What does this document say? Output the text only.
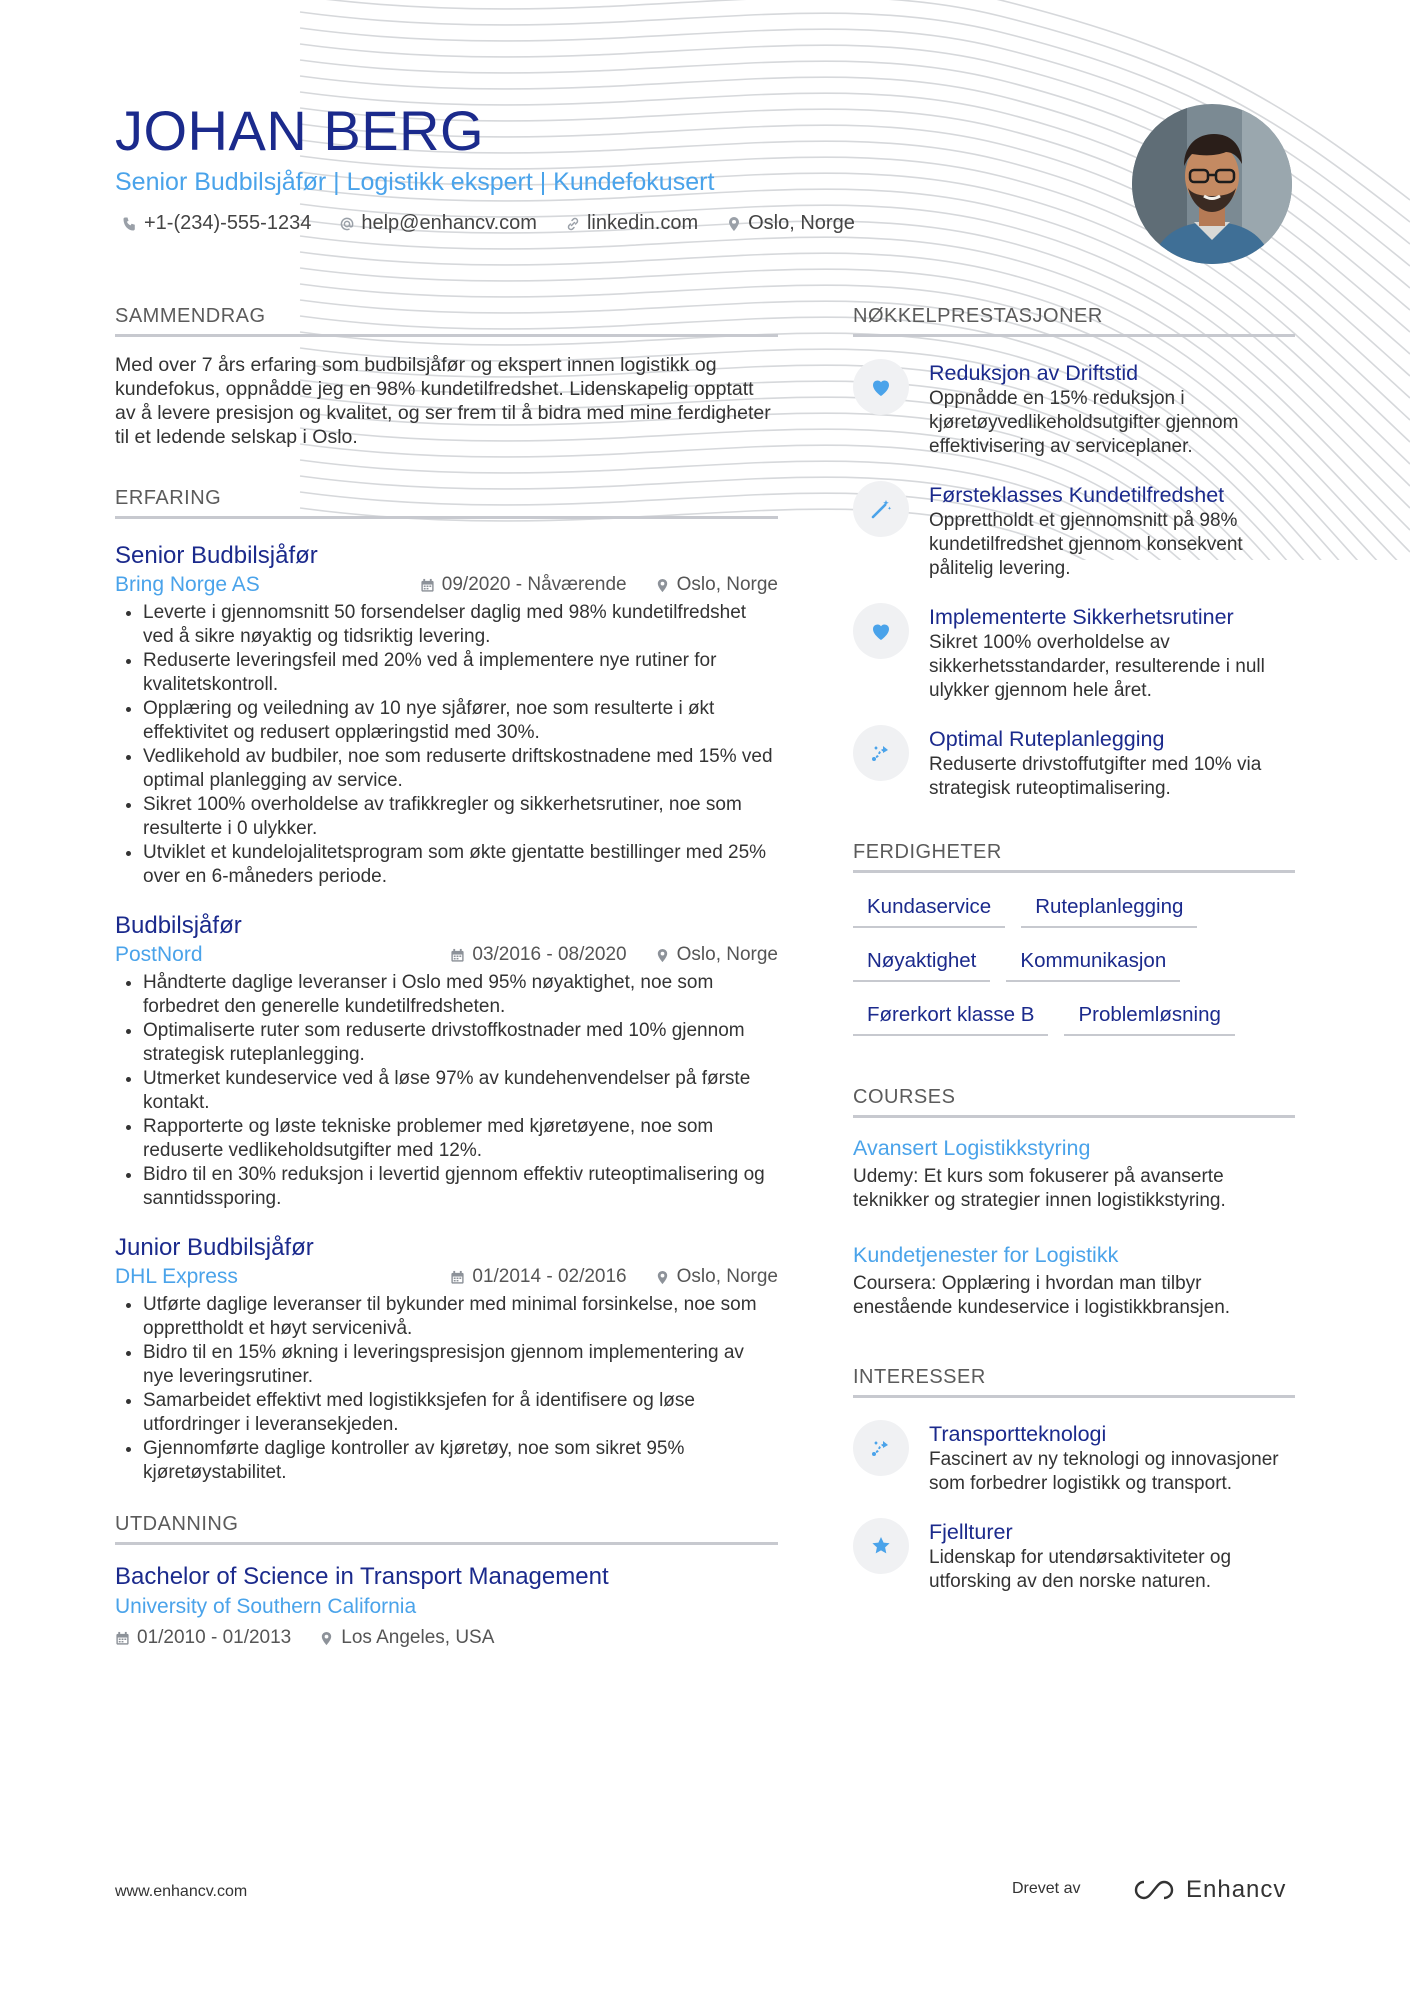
JOHAN BERG
Senior Budbilsjåfør | Logistikk ekspert | Kundefokusert
+1-(234)-555-1234	help@enhancv.com	linkedin.com	Oslo, Norge
SAMMENDRAG
Med over 7 års erfaring som budbilsjåfør og ekspert innen logistikk og kundefokus, oppnådde jeg en 98% kundetilfredshet. Lidenskapelig opptatt av å levere presisjon og kvalitet, og ser frem til å bidra med mine ferdigheter til et ledende selskap i Oslo.
ERFARING
Senior Budbilsjåfør
Bring Norge AS	09/2020 - Nåværende	Oslo, Norge
• Leverte i gjennomsnitt 50 forsendelser daglig med 98% kundetilfredshet ved å sikre nøyaktig og tidsriktig levering.
• Reduserte leveringsfeil med 20% ved å implementere nye rutiner for kvalitetskontroll.
• Opplæring og veiledning av 10 nye sjåfører, noe som resulterte i økt effektivitet og redusert opplæringstid med 30%.
• Vedlikehold av budbiler, noe som reduserte driftskostnadene med 15% ved optimal planlegging av service.
• Sikret 100% overholdelse av trafikkregler og sikkerhetsrutiner, noe som resulterte i 0 ulykker.
• Utviklet et kundelojalitetsprogram som økte gjentatte bestillinger med 25% over en 6-måneders periode.
Budbilsjåfør
PostNord	03/2016 - 08/2020	Oslo, Norge
• Håndterte daglige leveranser i Oslo med 95% nøyaktighet, noe som forbedret den generelle kundetilfredsheten.
• Optimaliserte ruter som reduserte drivstoffkostnader med 10% gjennom strategisk ruteplanlegging.
• Utmerket kundeservice ved å løse 97% av kundehenvendelser på første kontakt.
• Rapporterte og løste tekniske problemer med kjøretøyene, noe som reduserte vedlikeholdsutgifter med 12%.
• Bidro til en 30% reduksjon i levertid gjennom effektiv ruteoptimalisering og sanntidssporing.
Junior Budbilsjåfør
DHL Express	01/2014 - 02/2016	Oslo, Norge
• Utførte daglige leveranser til bykunder med minimal forsinkelse, noe som opprettholdt et høyt servicenivå.
• Bidro til en 15% økning i leveringspresisjon gjennom implementering av nye leveringsrutiner.
• Samarbeidet effektivt med logistikksjefen for å identifisere og løse utfordringer i leveransekjeden.
• Gjennomførte daglige kontroller av kjøretøy, noe som sikret 95% kjøretøystabilitet.
UTDANNING
Bachelor of Science in Transport Management
University of Southern California
01/2010 - 01/2013	Los Angeles, USA
NØKKELPRESTASJONER
Reduksjon av Driftstid
Oppnådde en 15% reduksjon i kjøretøyvedlikeholdsutgifter gjennom effektivisering av serviceplaner.
Førsteklasses Kundetilfredshet
Opprettholdt et gjennomsnitt på 98% kundetilfredshet gjennom konsekvent pålitelig levering.
Implementerte Sikkerhetsrutiner
Sikret 100% overholdelse av sikkerhetsstandarder, resulterende i null ulykker gjennom hele året.
Optimal Ruteplanlegging
Reduserte drivstoffutgifter med 10% via strategisk ruteoptimalisering.
FERDIGHETER
Kundaservice	Ruteplanlegging
Nøyaktighet	Kommunikasjon
Førerkort klasse B	Problemløsning
COURSES
Avansert Logistikkstyring
Udemy: Et kurs som fokuserer på avanserte teknikker og strategier innen logistikkstyring.
Kundetjenester for Logistikk
Coursera: Opplæring i hvordan man tilbyr enestående kundeservice i logistikkbransjen.
INTERESSER
Transportteknologi
Fascinert av ny teknologi og innovasjoner som forbedrer logistikk og transport.
Fjellturer
Lidenskap for utendørsaktiviteter og utforsking av den norske naturen.
www.enhancv.com	Drevet av	Enhancv
